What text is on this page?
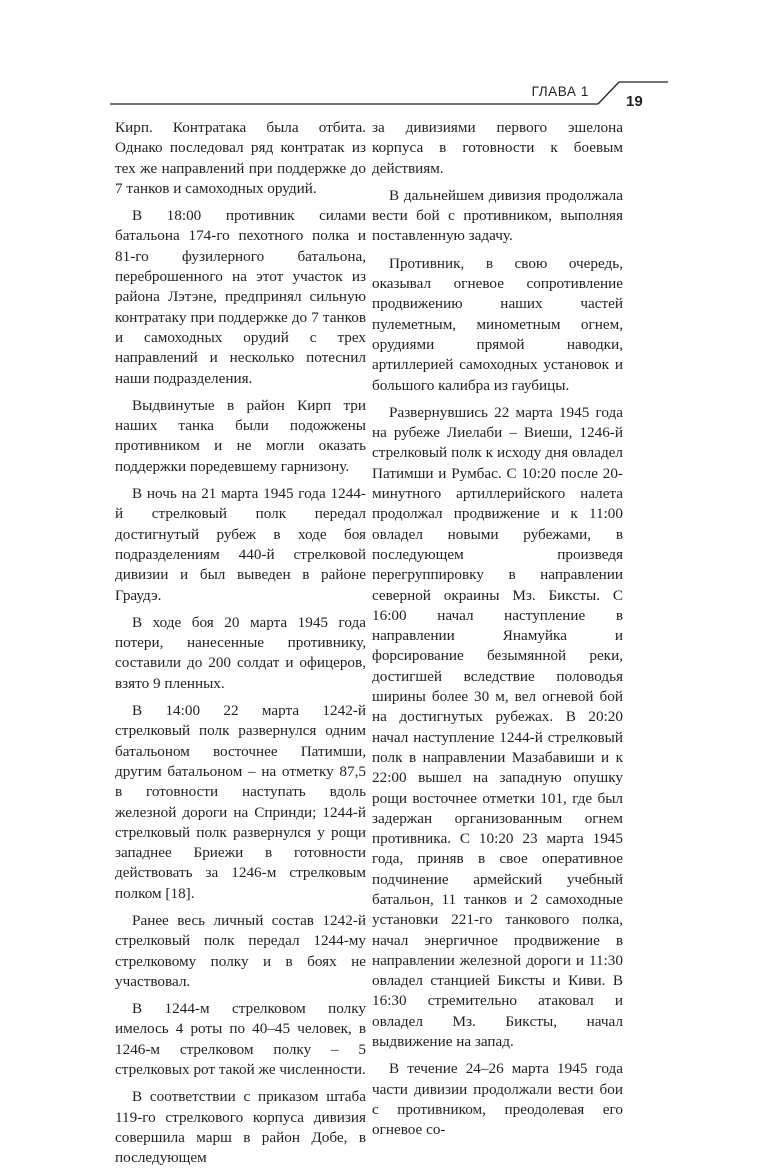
ГЛАВА 1
19

Кирп. Контратака была отбита. Однако последовал ряд контратак из тех же направлений при поддержке до 7 танков и самоходных орудий.

В 18:00 противник силами батальона 174-го пехотного полка и 81-го фузилерного батальона, переброшенного на этот участок из района Лэтэне, предпринял сильную контратаку при поддержке до 7 танков и самоходных орудий с трех направлений и несколько потеснил наши подразделения.

Выдвинутые в район Кирп три наших танка были подожжены противником и не могли оказать поддержки поредевшему гарнизону.

В ночь на 21 марта 1945 года 1244-й стрелковый полк передал достигнутый рубеж в ходе боя подразделениям 440-й стрелковой дивизии и был выведен в районе Граудэ.

В ходе боя 20 марта 1945 года потери, нанесенные противнику, составили до 200 солдат и офицеров, взято 9 пленных.

В 14:00 22 марта 1242-й стрелковый полк развернулся одним батальоном восточнее Патимши, другим батальоном – на отметку 87,5 в готовности наступать вдоль железной дороги на Спринди; 1244-й стрелковый полк развернулся у рощи западнее Бриежи в готовности действовать за 1246-м стрелковым полком [18].

Ранее весь личный состав 1242-й стрелковый полк передал 1244-му стрелковому полку и в боях не участвовал.

В 1244-м стрелковом полку имелось 4 роты по 40–45 человек, в 1246-м стрелковом полку – 5 стрелковых рот такой же численности.

В соответствии с приказом штаба 119-го стрелкового корпуса дивизия совершила марш в район Добе, в последующем

за дивизиями первого эшелона корпуса в готовности к боевым действиям.

В дальнейшем дивизия продолжала вести бой с противником, выполняя поставленную задачу.

Противник, в свою очередь, оказывал огневое сопротивление продвижению наших частей пулеметным, минометным огнем, орудиями прямой наводки, артиллерией самоходных установок и большого калибра из гаубицы.

Развернувшись 22 марта 1945 года на рубеже Лиелаби – Виеши, 1246-й стрелковый полк к исходу дня овладел Патимши и Румбас. С 10:20 после 20-минутного артиллерийского налета продолжал продвижение и к 11:00 овладел новыми рубежами, в последующем произведя перегруппировку в направлении северной окраины Мз. Бикcты. С 16:00 начал наступление в направлении Янамуйка и форсирование безымянной реки, достигшей вследствие половодья ширины более 30 м, вел огневой бой на достигнутых рубежах. В 20:20 начал наступление 1244-й стрелковый полк в направлении Мазабавиши и к 22:00 вышел на западную опушку рощи восточнее отметки 101, где был задержан организованным огнем противника. С 10:20 23 марта 1945 года, приняв в свое оперативное подчинение армейский учебный батальон, 11 танков и 2 самоходные установки 221-го танкового полка, начал энергичное продвижение в направлении железной дороги и 11:30 овладел станцией Бикcты и Киви. В 16:30 стремительно атаковал и овладел Мз. Бикcты, начал выдвижение на запад.

В течение 24–26 марта 1945 года части дивизии продолжали вести бои с противником, преодолевая его огневое со-
